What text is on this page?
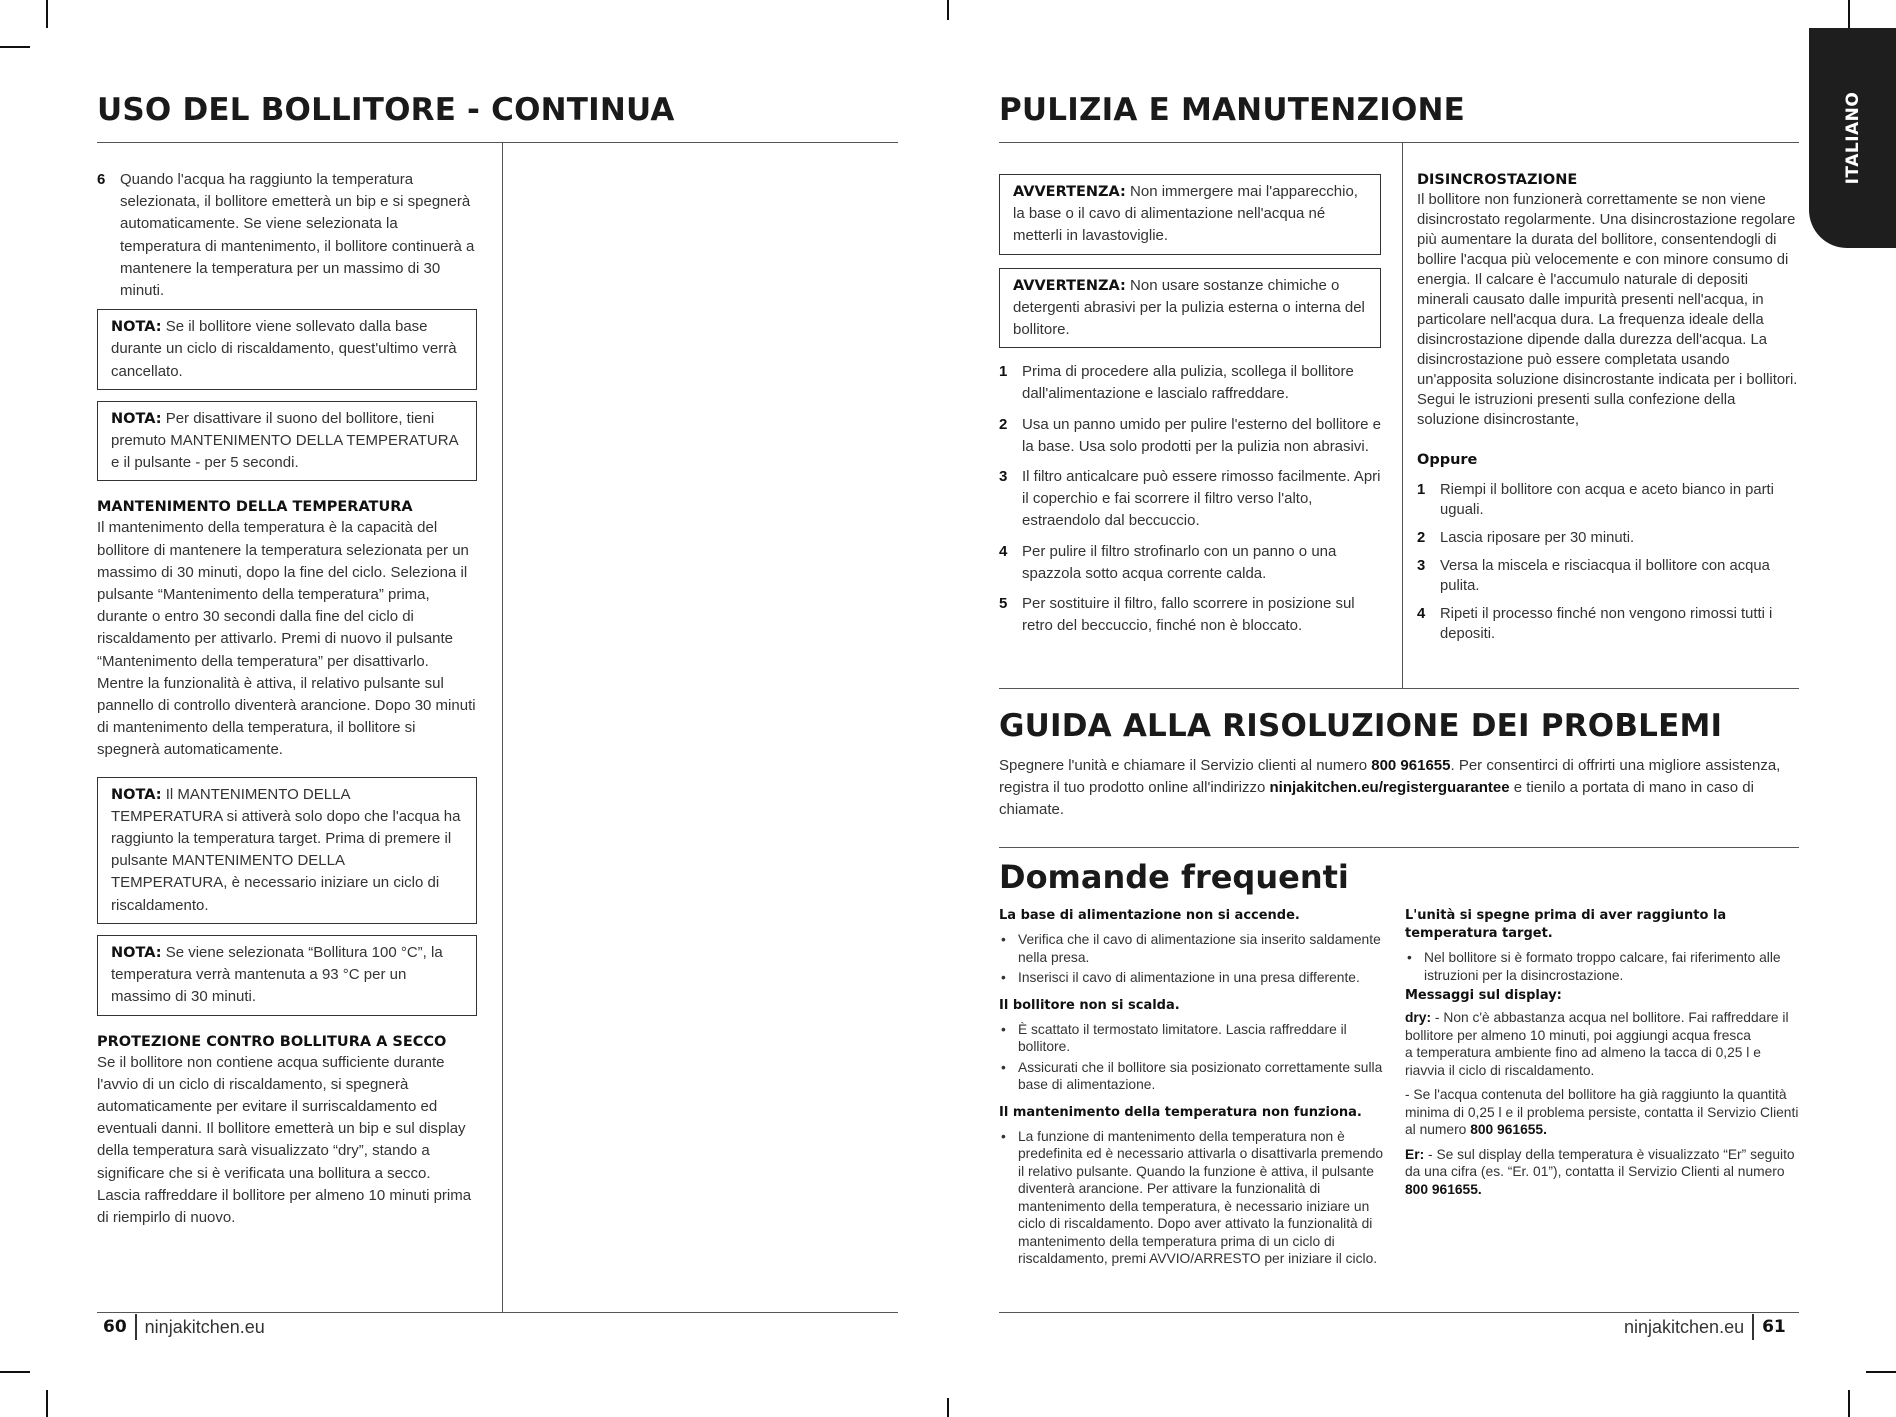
USO DEL BOLLITORE - CONTINUA
6 Quando l'acqua ha raggiunto la temperatura selezionata, il bollitore emetterà un bip e si spegnerà automaticamente. Se viene selezionata la temperatura di mantenimento, il bollitore continuerà a mantenere la temperatura per un massimo di 30 minuti.
NOTA: Se il bollitore viene sollevato dalla base durante un ciclo di riscaldamento, quest'ultimo verrà cancellato.
NOTA: Per disattivare il suono del bollitore, tieni premuto MANTENIMENTO DELLA TEMPERATURA e il pulsante - per 5 secondi.
MANTENIMENTO DELLA TEMPERATURA

Il mantenimento della temperatura è la capacità del bollitore di mantenere la temperatura selezionata per un massimo di 30 minuti, dopo la fine del ciclo. Seleziona il pulsante “Mantenimento della temperatura” prima, durante o entro 30 secondi dalla fine del ciclo di riscaldamento per attivarlo. Premi di nuovo il pulsante “Mantenimento della temperatura” per disattivarlo. Mentre la funzionalità è attiva, il relativo pulsante sul pannello di controllo diventerà arancione. Dopo 30 minuti di mantenimento della temperatura, il bollitore si spegnerà automaticamente.

NOTA: Il MANTENIMENTO DELLA TEMPERATURA si attiverà solo dopo che l'acqua ha raggiunto la temperatura target. Prima di premere il pulsante MANTENIMENTO DELLA TEMPERATURA, è necessario iniziare un ciclo di riscaldamento.
NOTA: Se viene selezionata “Bollitura 100 °C”, la temperatura verrà mantenuta a 93 °C per un massimo di 30 minuti.
PROTEZIONE CONTRO BOLLITURA A SECCO

Se il bollitore non contiene acqua sufficiente durante l'avvio di un ciclo di riscaldamento, si spegnerà automaticamente per evitare il surriscaldamento ed eventuali danni. Il bollitore emetterà un bip e sul display della temperatura sarà visualizzato “dry”, stando a significare che si è verificata una bollitura a secco. Lascia raffreddare il bollitore per almeno 10 minuti prima di riempirlo di nuovo.

60 ninjakitchen.eu
ITALIANO
PULIZIA E MANUTENZIONE
AVVERTENZA: Non immergere mai l'apparecchio, la base o il cavo di alimentazione nell'acqua né metterli in lavastoviglie.
AVVERTENZA: Non usare sostanze chimiche o detergenti abrasivi per la pulizia esterna o interna del bollitore.
1 Prima di procedere alla pulizia, scollega il bollitore dall'alimentazione e lascialo raffreddare.
2 Usa un panno umido per pulire l'esterno del bollitore e la base. Usa solo prodotti per la pulizia non abrasivi.
3 Il filtro anticalcare può essere rimosso facilmente. Apri il coperchio e fai scorrere il filtro verso l'alto, estraendolo dal beccuccio.
4 Per pulire il filtro strofinarlo con un panno o una spazzola sotto acqua corrente calda.
5 Per sostituire il filtro, fallo scorrere in posizione sul retro del beccuccio, finché non è bloccato.
DISINCROSTAZIONE

Il bollitore non funzionerà correttamente se non viene disincrostato regolarmente. Una disincrostazione regolare più aumentare la durata del bollitore, consentendogli di bollire l'acqua più velocemente e con minore consumo di energia. Il calcare è l'accumulo naturale di depositi minerali causato dalle impurità presenti nell'acqua, in particolare nell'acqua dura. La frequenza ideale della disincrostazione dipende dalla durezza dell'acqua. La disincrostazione può essere completata usando un'apposita soluzione disincrostante indicata per i bollitori. Segui le istruzioni presenti sulla confezione della soluzione disincrostante,

Oppure
1 Riempi il bollitore con acqua e aceto bianco in parti uguali.
2 Lascia riposare per 30 minuti.
3 Versa la miscela e risciacqua il bollitore con acqua pulita.
4 Ripeti il processo finché non vengono rimossi tutti i depositi.
GUIDA ALLA RISOLUZIONE DEI PROBLEMI
Spegnere l'unità e chiamare il Servizio clienti al numero 800 961655. Per consentirci di offrirti una migliore assistenza, registra il tuo prodotto online all'indirizzo ninjakitchen.eu/registerguarantee e tienilo a portata di mano in caso di chiamate.
Domande frequenti
La base di alimentazione non si accende.
• Verifica che il cavo di alimentazione sia inserito saldamente nella presa.
• Inserisci il cavo di alimentazione in una presa differente.
Il bollitore non si scalda.
• È scattato il termostato limitatore. Lascia raffreddare il bollitore.
• Assicurati che il bollitore sia posizionato correttamente sulla base di alimentazione.
Il mantenimento della temperatura non funziona.
• La funzione di mantenimento della temperatura non è predefinita ed è necessario attivarla o disattivarla premendo il relativo pulsante. Quando la funzione è attiva, il pulsante diventerà arancione. Per attivare la funzionalità di mantenimento della temperatura, è necessario iniziare un ciclo di riscaldamento. Dopo aver attivato la funzionalità di mantenimento della temperatura prima di un ciclo di riscaldamento, premi AVVIO/ARRESTO per iniziare il ciclo.
L'unità si spegne prima di aver raggiunto la temperatura target.
• Nel bollitore si è formato troppo calcare, fai riferimento alle istruzioni per la disincrostazione.
Messaggi sul display:

dry: - Non c'è abbastanza acqua nel bollitore. Fai raffreddare il bollitore per almeno 10 minuti, poi aggiungi acqua fresca

a temperatura ambiente fino ad almeno la tacca di 0,25 l e riavvia il ciclo di riscaldamento.

- Se l'acqua contenuta del bollitore ha già raggiunto la quantità minima di 0,25 l e il problema persiste, contatta il Servizio Clienti al numero 800 961655.

Er: - Se sul display della temperatura è visualizzato “Er” seguito da una cifra (es. “Er. 01”), contatta il Servizio Clienti al numero 800 961655.

ninjakitchen.eu 61
